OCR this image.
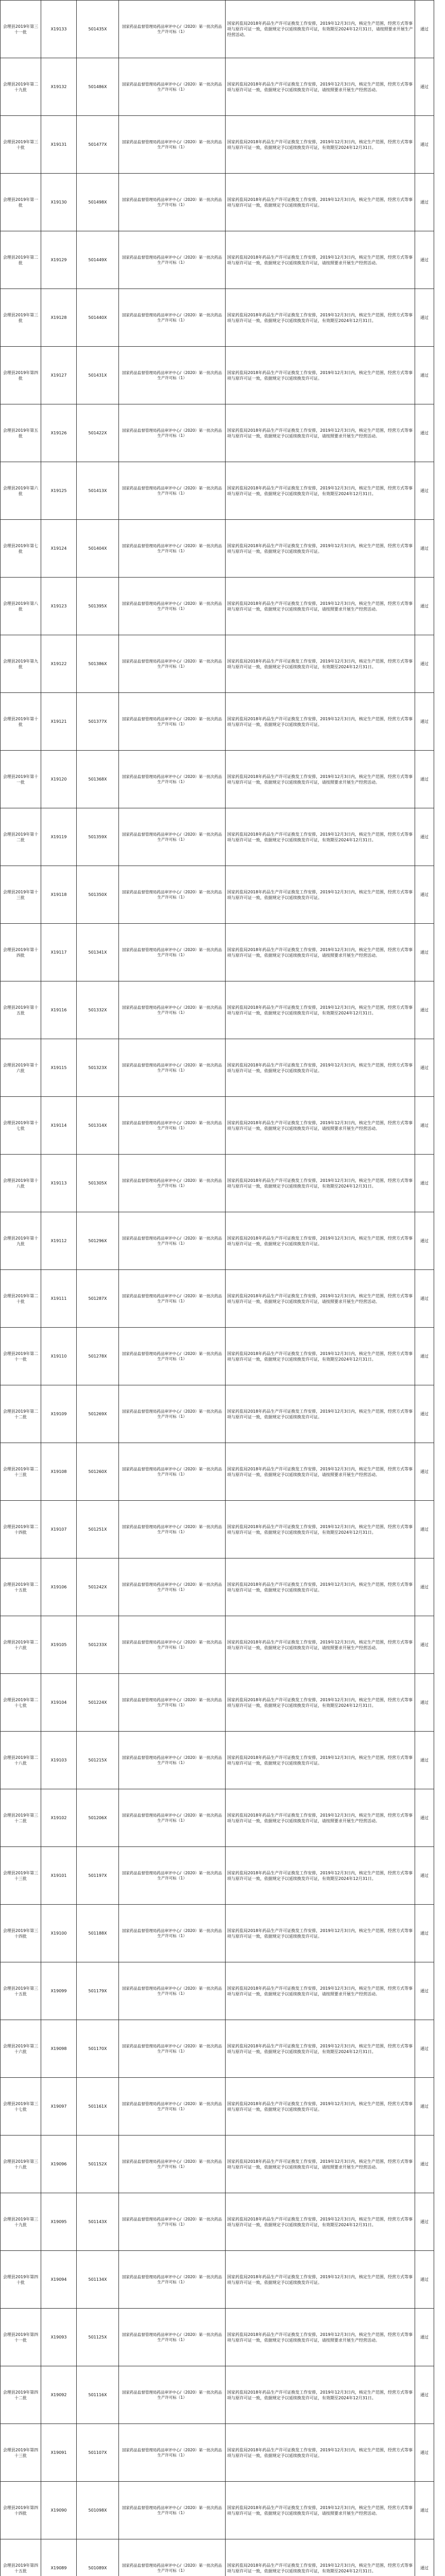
会理县2019年第三十一批	X19133	501435X	国家药品监督管理局药品审评中心/（2020）第一批次药品生产许可标（1）	国家药监局2018年药品生产许可证换发工作安排，2019年12月3日内，核定生产范围，经营方式等事项与原许可证一致，依据规定予以延续换发许可证，有效期至2024年12月31日，请按照要求开展生产经营活动。	通过
会理县2019年第二十九批	X19132	501486X	国家药品监督管理局药品审评中心/（2020）第一批次药品生产许可标（1）	国家药监局2018年药品生产许可证换发工作安排，2019年12月3日内，核定生产范围，经营方式等事项与原许可证一致，依据规定予以延续换发许可证，请按照要求开展生产经营活动。	通过
会理县2019年第三十批	X19131	501477X	国家药品监督管理局药品审评中心/（2020）第一批次药品生产许可标（1）	国家药监局2018年药品生产许可证换发工作安排，2019年12月3日内，核定生产范围，经营方式等事项与原许可证一致，依据规定予以延续换发许可证，有效期至2024年12月31日。	通过
会理县2019年第一批	X19130	501498X	国家药品监督管理局药品审评中心/（2020）第一批次药品生产许可标（1）	国家药监局2018年药品生产许可证换发工作安排，2019年12月3日内，核定生产范围，经营方式等事项与原许可证一致，依据规定予以延续换发许可证。	通过
会理县2019年第二批	X19129	501449X	国家药品监督管理局药品审评中心/（2020）第一批次药品生产许可标（1）	国家药监局2018年药品生产许可证换发工作安排，2019年12月3日内，核定生产范围，经营方式等事项与原许可证一致，依据规定予以延续换发许可证，请按照要求开展生产经营活动。	通过
会理县2019年第三批	X19128	501440X	国家药品监督管理局药品审评中心/（2020）第一批次药品生产许可标（1）	国家药监局2018年药品生产许可证换发工作安排，2019年12月3日内，核定生产范围，经营方式等事项与原许可证一致，依据规定予以延续换发许可证，有效期至2024年12月31日。	通过
会理县2019年第四批	X19127	501431X	国家药品监督管理局药品审评中心/（2020）第一批次药品生产许可标（1）	国家药监局2018年药品生产许可证换发工作安排，2019年12月3日内，核定生产范围，经营方式等事项与原许可证一致，依据规定予以延续换发许可证。	通过
会理县2019年第五批	X19126	501422X	国家药品监督管理局药品审评中心/（2020）第一批次药品生产许可标（1）	国家药监局2018年药品生产许可证换发工作安排，2019年12月3日内，核定生产范围，经营方式等事项与原许可证一致，依据规定予以延续换发许可证，请按照要求开展生产经营活动。	通过
会理县2019年第六批	X19125	501413X	国家药品监督管理局药品审评中心/（2020）第一批次药品生产许可标（1）	国家药监局2018年药品生产许可证换发工作安排，2019年12月3日内，核定生产范围，经营方式等事项与原许可证一致，依据规定予以延续换发许可证，有效期至2024年12月31日。	通过
会理县2019年第七批	X19124	501404X	国家药品监督管理局药品审评中心/（2020）第一批次药品生产许可标（1）	国家药监局2018年药品生产许可证换发工作安排，2019年12月3日内，核定生产范围，经营方式等事项与原许可证一致，依据规定予以延续换发许可证。	通过
会理县2019年第八批	X19123	501395X	国家药品监督管理局药品审评中心/（2020）第一批次药品生产许可标（1）	国家药监局2018年药品生产许可证换发工作安排，2019年12月3日内，核定生产范围，经营方式等事项与原许可证一致，依据规定予以延续换发许可证，请按照要求开展生产经营活动。	通过
会理县2019年第九批	X19122	501386X	国家药品监督管理局药品审评中心/（2020）第一批次药品生产许可标（1）	国家药监局2018年药品生产许可证换发工作安排，2019年12月3日内，核定生产范围，经营方式等事项与原许可证一致，依据规定予以延续换发许可证，有效期至2024年12月31日。	通过
会理县2019年第十批	X19121	501377X	国家药品监督管理局药品审评中心/（2020）第一批次药品生产许可标（1）	国家药监局2018年药品生产许可证换发工作安排，2019年12月3日内，核定生产范围，经营方式等事项与原许可证一致，依据规定予以延续换发许可证。	通过
会理县2019年第十一批	X19120	501368X	国家药品监督管理局药品审评中心/（2020）第一批次药品生产许可标（1）	国家药监局2018年药品生产许可证换发工作安排，2019年12月3日内，核定生产范围，经营方式等事项与原许可证一致，依据规定予以延续换发许可证，请按照要求开展生产经营活动。	通过
会理县2019年第十二批	X19119	501359X	国家药品监督管理局药品审评中心/（2020）第一批次药品生产许可标（1）	国家药监局2018年药品生产许可证换发工作安排，2019年12月3日内，核定生产范围，经营方式等事项与原许可证一致，依据规定予以延续换发许可证，有效期至2024年12月31日。	通过
会理县2019年第十三批	X19118	501350X	国家药品监督管理局药品审评中心/（2020）第一批次药品生产许可标（1）	国家药监局2018年药品生产许可证换发工作安排，2019年12月3日内，核定生产范围，经营方式等事项与原许可证一致，依据规定予以延续换发许可证。	通过
会理县2019年第十四批	X19117	501341X	国家药品监督管理局药品审评中心/（2020）第一批次药品生产许可标（1）	国家药监局2018年药品生产许可证换发工作安排，2019年12月3日内，核定生产范围，经营方式等事项与原许可证一致，依据规定予以延续换发许可证，请按照要求开展生产经营活动。	通过
会理县2019年第十五批	X19116	501332X	国家药品监督管理局药品审评中心/（2020）第一批次药品生产许可标（1）	国家药监局2018年药品生产许可证换发工作安排，2019年12月3日内，核定生产范围，经营方式等事项与原许可证一致，依据规定予以延续换发许可证，有效期至2024年12月31日。	通过
会理县2019年第十六批	X19115	501323X	国家药品监督管理局药品审评中心/（2020）第一批次药品生产许可标（1）	国家药监局2018年药品生产许可证换发工作安排，2019年12月3日内，核定生产范围，经营方式等事项与原许可证一致，依据规定予以延续换发许可证。	通过
会理县2019年第十七批	X19114	501314X	国家药品监督管理局药品审评中心/（2020）第一批次药品生产许可标（1）	国家药监局2018年药品生产许可证换发工作安排，2019年12月3日内，核定生产范围，经营方式等事项与原许可证一致，依据规定予以延续换发许可证，请按照要求开展生产经营活动。	通过
会理县2019年第十八批	X19113	501305X	国家药品监督管理局药品审评中心/（2020）第一批次药品生产许可标（1）	国家药监局2018年药品生产许可证换发工作安排，2019年12月3日内，核定生产范围，经营方式等事项与原许可证一致，依据规定予以延续换发许可证，有效期至2024年12月31日。	通过
会理县2019年第十九批	X19112	501296X	国家药品监督管理局药品审评中心/（2020）第一批次药品生产许可标（1）	国家药监局2018年药品生产许可证换发工作安排，2019年12月3日内，核定生产范围，经营方式等事项与原许可证一致，依据规定予以延续换发许可证。	通过
会理县2019年第二十批	X19111	501287X	国家药品监督管理局药品审评中心/（2020）第一批次药品生产许可标（1）	国家药监局2018年药品生产许可证换发工作安排，2019年12月3日内，核定生产范围，经营方式等事项与原许可证一致，依据规定予以延续换发许可证，请按照要求开展生产经营活动。	通过
会理县2019年第二十一批	X19110	501278X	国家药品监督管理局药品审评中心/（2020）第一批次药品生产许可标（1）	国家药监局2018年药品生产许可证换发工作安排，2019年12月3日内，核定生产范围，经营方式等事项与原许可证一致，依据规定予以延续换发许可证，有效期至2024年12月31日。	通过
会理县2019年第二十二批	X19109	501269X	国家药品监督管理局药品审评中心/（2020）第一批次药品生产许可标（1）	国家药监局2018年药品生产许可证换发工作安排，2019年12月3日内，核定生产范围，经营方式等事项与原许可证一致，依据规定予以延续换发许可证。	通过
会理县2019年第二十三批	X19108	501260X	国家药品监督管理局药品审评中心/（2020）第一批次药品生产许可标（1）	国家药监局2018年药品生产许可证换发工作安排，2019年12月3日内，核定生产范围，经营方式等事项与原许可证一致，依据规定予以延续换发许可证，请按照要求开展生产经营活动。	通过
会理县2019年第二十四批	X19107	501251X	国家药品监督管理局药品审评中心/（2020）第一批次药品生产许可标（1）	国家药监局2018年药品生产许可证换发工作安排，2019年12月3日内，核定生产范围，经营方式等事项与原许可证一致，依据规定予以延续换发许可证，有效期至2024年12月31日。	通过
会理县2019年第二十五批	X19106	501242X	国家药品监督管理局药品审评中心/（2020）第一批次药品生产许可标（1）	国家药监局2018年药品生产许可证换发工作安排，2019年12月3日内，核定生产范围，经营方式等事项与原许可证一致，依据规定予以延续换发许可证。	通过
会理县2019年第二十六批	X19105	501233X	国家药品监督管理局药品审评中心/（2020）第一批次药品生产许可标（1）	国家药监局2018年药品生产许可证换发工作安排，2019年12月3日内，核定生产范围，经营方式等事项与原许可证一致，依据规定予以延续换发许可证，请按照要求开展生产经营活动。	通过
会理县2019年第二十七批	X19104	501224X	国家药品监督管理局药品审评中心/（2020）第一批次药品生产许可标（1）	国家药监局2018年药品生产许可证换发工作安排，2019年12月3日内，核定生产范围，经营方式等事项与原许可证一致，依据规定予以延续换发许可证，有效期至2024年12月31日。	通过
会理县2019年第二十八批	X19103	501215X	国家药品监督管理局药品审评中心/（2020）第一批次药品生产许可标（1）	国家药监局2018年药品生产许可证换发工作安排，2019年12月3日内，核定生产范围，经营方式等事项与原许可证一致，依据规定予以延续换发许可证。	通过
会理县2019年第三十二批	X19102	501206X	国家药品监督管理局药品审评中心/（2020）第一批次药品生产许可标（1）	国家药监局2018年药品生产许可证换发工作安排，2019年12月3日内，核定生产范围，经营方式等事项与原许可证一致，依据规定予以延续换发许可证，请按照要求开展生产经营活动。	通过
会理县2019年第三十三批	X19101	501197X	国家药品监督管理局药品审评中心/（2020）第一批次药品生产许可标（1）	国家药监局2018年药品生产许可证换发工作安排，2019年12月3日内，核定生产范围，经营方式等事项与原许可证一致，依据规定予以延续换发许可证，有效期至2024年12月31日。	通过
会理县2019年第三十四批	X19100	501188X	国家药品监督管理局药品审评中心/（2020）第一批次药品生产许可标（1）	国家药监局2018年药品生产许可证换发工作安排，2019年12月3日内，核定生产范围，经营方式等事项与原许可证一致，依据规定予以延续换发许可证。	通过
会理县2019年第三十五批	X19099	501179X	国家药品监督管理局药品审评中心/（2020）第一批次药品生产许可标（1）	国家药监局2018年药品生产许可证换发工作安排，2019年12月3日内，核定生产范围，经营方式等事项与原许可证一致，依据规定予以延续换发许可证，请按照要求开展生产经营活动。	通过
会理县2019年第三十六批	X19098	501170X	国家药品监督管理局药品审评中心/（2020）第一批次药品生产许可标（1）	国家药监局2018年药品生产许可证换发工作安排，2019年12月3日内，核定生产范围，经营方式等事项与原许可证一致，依据规定予以延续换发许可证，有效期至2024年12月31日。	通过
会理县2019年第三十七批	X19097	501161X	国家药品监督管理局药品审评中心/（2020）第一批次药品生产许可标（1）	国家药监局2018年药品生产许可证换发工作安排，2019年12月3日内，核定生产范围，经营方式等事项与原许可证一致，依据规定予以延续换发许可证。	通过
会理县2019年第三十八批	X19096	501152X	国家药品监督管理局药品审评中心/（2020）第一批次药品生产许可标（1）	国家药监局2018年药品生产许可证换发工作安排，2019年12月3日内，核定生产范围，经营方式等事项与原许可证一致，依据规定予以延续换发许可证，请按照要求开展生产经营活动。	通过
会理县2019年第三十九批	X19095	501143X	国家药品监督管理局药品审评中心/（2020）第一批次药品生产许可标（1）	国家药监局2018年药品生产许可证换发工作安排，2019年12月3日内，核定生产范围，经营方式等事项与原许可证一致，依据规定予以延续换发许可证，有效期至2024年12月31日。	通过
会理县2019年第四十批	X19094	501134X	国家药品监督管理局药品审评中心/（2020）第一批次药品生产许可标（1）	国家药监局2018年药品生产许可证换发工作安排，2019年12月3日内，核定生产范围，经营方式等事项与原许可证一致，依据规定予以延续换发许可证。	通过
会理县2019年第四十一批	X19093	501125X	国家药品监督管理局药品审评中心/（2020）第一批次药品生产许可标（1）	国家药监局2018年药品生产许可证换发工作安排，2019年12月3日内，核定生产范围，经营方式等事项与原许可证一致，依据规定予以延续换发许可证，请按照要求开展生产经营活动。	通过
会理县2019年第四十二批	X19092	501116X	国家药品监督管理局药品审评中心/（2020）第一批次药品生产许可标（1）	国家药监局2018年药品生产许可证换发工作安排，2019年12月3日内，核定生产范围，经营方式等事项与原许可证一致，依据规定予以延续换发许可证，有效期至2024年12月31日。	通过
会理县2019年第四十三批	X19091	501107X	国家药品监督管理局药品审评中心/（2020）第一批次药品生产许可标（1）	国家药监局2018年药品生产许可证换发工作安排，2019年12月3日内，核定生产范围，经营方式等事项与原许可证一致，依据规定予以延续换发许可证。	通过
会理县2019年第四十四批	X19090	501098X	国家药品监督管理局药品审评中心/（2020）第一批次药品生产许可标（1）	国家药监局2018年药品生产许可证换发工作安排，2019年12月3日内，核定生产范围，经营方式等事项与原许可证一致，依据规定予以延续换发许可证，请按照要求开展生产经营活动。	通过
会理县2019年第四十五批	X19089	501089X	国家药品监督管理局药品审评中心/（2020）第一批次药品生产许可标（1）	国家药监局2018年药品生产许可证换发工作安排，2019年12月3日内，核定生产范围，经营方式等事项与原许可证一致，依据规定予以延续换发许可证，有效期至2024年12月31日。	通过
